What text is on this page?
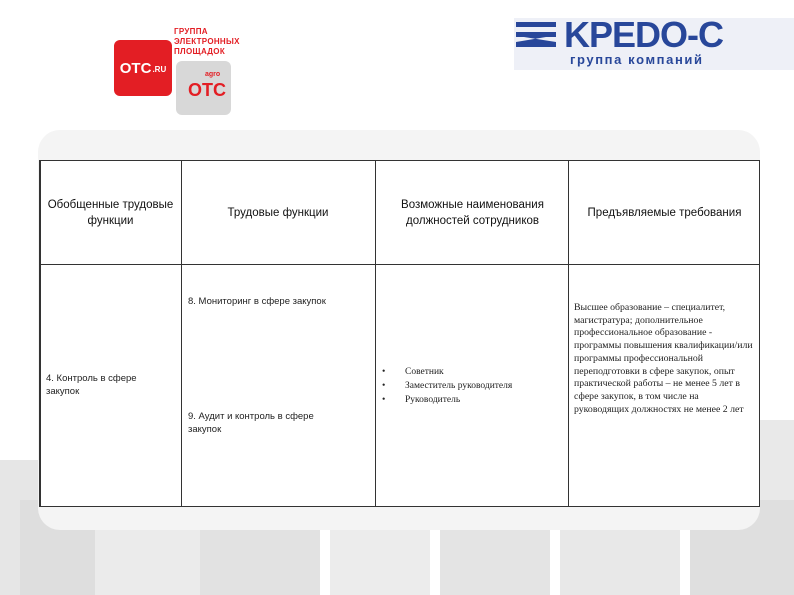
ОТС .RU
ГРУППА
ЭЛЕКТРОННЫХ
ПЛОЩАДОК
agro
ОТС
KPEDO-C
группа компаний
Обобщенные трудовые функции
Трудовые функции
Возможные наименования должностей сотрудников
Предъявляемые требования
4. Контроль в сфере закупок
8. Мониторинг в сфере закупок
9. Аудит и контроль в сфере закупок
• Советник
• Заместитель руководителя
• Руководитель
Высшее образование – специалитет, магистратура; дополнительное профессиональное образование - программы повышения квалификации/или программы профессиональной переподготовки в сфере закупок, опыт практической работы – не менее 5 лет в сфере закупок, в том числе на руководящих должностях не менее 2 лет
